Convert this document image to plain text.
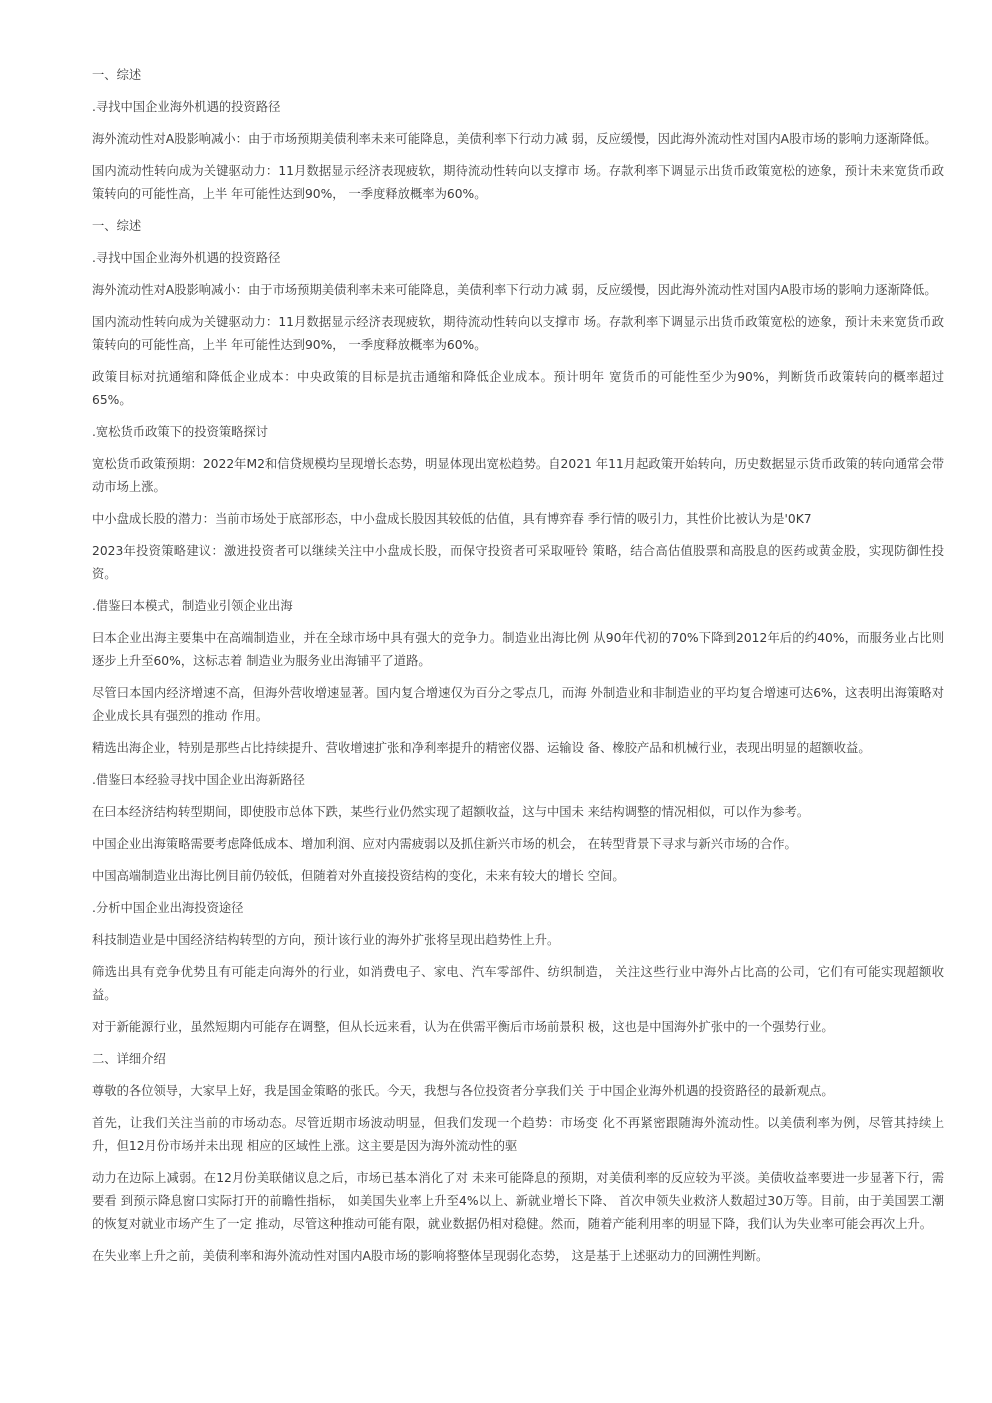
一、综述

.寻找中国企业海外机遇的投资路径

海外流动性对A股影响减小：由于市场预期美债利率未来可能降息，美债利率下行动力减 弱，反应缓慢，因此海外流动性对国内A股市场的影响力逐渐降低。

国内流动性转向成为关键驱动力：11月数据显示经济表现疲软，期待流动性转向以支撑市 场。存款利率下调显示出货币政策宽松的迹象，预计未来宽货币政策转向的可能性高，上半 年可能性达到90%， 一季度释放概率为60%。

一、综述

.寻找中国企业海外机遇的投资路径

海外流动性对A股影响减小：由于市场预期美债利率未来可能降息，美债利率下行动力减 弱，反应缓慢，因此海外流动性对国内A股市场的影响力逐渐降低。

国内流动性转向成为关键驱动力：11月数据显示经济表现疲软，期待流动性转向以支撑市 场。存款利率下调显示出货币政策宽松的迹象，预计未来宽货币政策转向的可能性高，上半 年可能性达到90%， 一季度释放概率为60%。

政策目标对抗通缩和降低企业成本：中央政策的目标是抗击通缩和降低企业成本。预计明年 宽货币的可能性至少为90%，判断货币政策转向的概率超过65%。

.宽松货币政策下的投资策略探讨

宽松货币政策预期：2022年M2和信贷规模均呈现增长态势，明显体现出宽松趋势。自2021 年11月起政策开始转向，历史数据显示货币政策的转向通常会带动市场上涨。

中小盘成长股的潜力：当前市场处于底部形态，中小盘成长股因其较低的估值，具有博弈春 季行情的吸引力，其性价比被认为是'0K7

2023年投资策略建议：激进投资者可以继续关注中小盘成长股，而保守投资者可采取哑铃 策略，结合高估值股票和高股息的医药或黄金股，实现防御性投资。

.借鉴曰本模式，制造业引领企业出海

曰本企业出海主要集中在高端制造业，并在全球市场中具有强大的竞争力。制造业出海比例 从90年代初的70%下降到2012年后的约40%，而服务业占比则逐步上升至60%，这标志着 制造业为服务业出海铺平了道路。

尽管曰本国内经济增速不高，但海外营收增速显著。国内复合增速仅为百分之零点几，而海 外制造业和非制造业的平均复合增速可达6%，这表明出海策略对企业成长具有强烈的推动 作用。

精选出海企业，特别是那些占比持续提升、营收增速扩张和净利率提升的精密仪器、运输设 备、橡胶产品和机械行业，表现出明显的超额收益。

.借鉴曰本经验寻找中国企业出海新路径

在曰本经济结构转型期间，即使股市总体下跌，某些行业仍然实现了超额收益，这与中国未 来结构调整的情况相似，可以作为参考。

中国企业出海策略需要考虑降低成本、增加利润、应对内需疲弱以及抓住新兴市场的机会， 在转型背景下寻求与新兴市场的合作。

中国高端制造业出海比例目前仍较低，但随着对外直接投资结构的变化，未来有较大的增长 空间。

.分析中国企业出海投资途径

科技制造业是中国经济结构转型的方向，预计该行业的海外扩张将呈现出趋势性上升。

筛选出具有竞争优势且有可能走向海外的行业，如消费电子、家电、汽车零部件、纺织制造， 关注这些行业中海外占比高的公司，它们有可能实现超额收益。

对于新能源行业，虽然短期内可能存在调整，但从长远来看，认为在供需平衡后市场前景积 极，这也是中国海外扩张中的一个强势行业。

二、详细介绍

尊敬的各位领导，大家早上好，我是国金策略的张氏。今天，我想与各位投资者分享我们关 于中国企业海外机遇的投资路径的最新观点。

首先，让我们关注当前的市场动态。尽管近期市场波动明显，但我们发现一个趋势：市场变 化不再紧密跟随海外流动性。以美债利率为例，尽管其持续上升，但12月份市场并未出现 相应的区域性上涨。这主要是因为海外流动性的驱

动力在边际上减弱。在12月份美联储议息之后，市场已基本消化了对 未来可能降息的预期，对美债利率的反应较为平淡。美债收益率要进一步显著下行，需要看 到预示降息窗口实际打开的前瞻性指标， 如美国失业率上升至4%以上、新就业增长下降、 首次申领失业救济人数超过30万等。目前，由于美国罢工潮的恢复对就业市场产生了一定 推动，尽管这种推动可能有限，就业数据仍相对稳健。然而，随着产能利用率的明显下降，我们认为失业率可能会再次上升。

在失业率上升之前，美债利率和海外流动性对国内A股市场的影响将整体呈现弱化态势， 这是基于上述驱动力的回溯性判断。
